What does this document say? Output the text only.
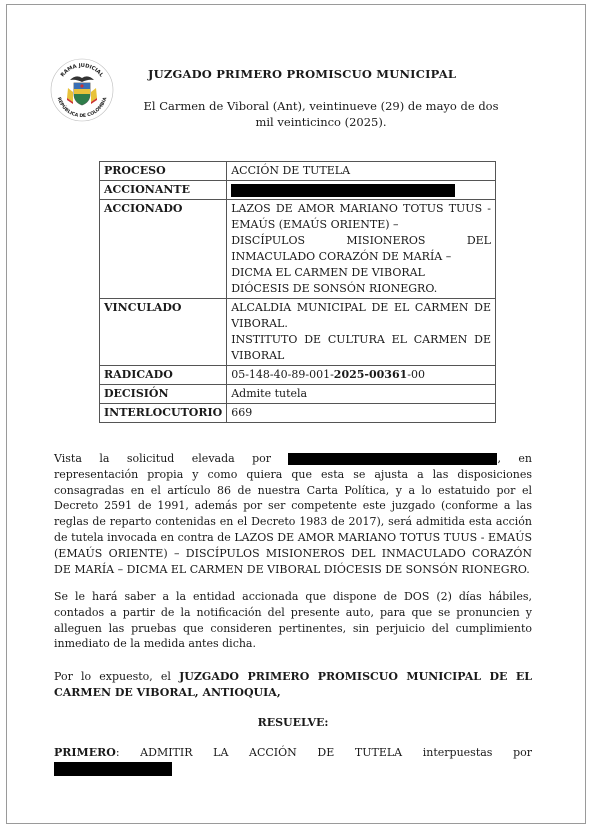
RAMA JUDICIAL
REPÚBLICA DE COLOMBIA
JUZGADO PRIMERO PROMISCUO MUNICIPAL
El Carmen de Viboral (Ant), veintinueve (29) de mayo de dos mil veinticinco (2025).
PROCESO	ACCIÓN DE TUTELA
ACCIONANTE	
ACCIONADO	LAZOS DE AMOR MARIANO TOTUS TUUS - EMAÚS (EMAÚS ORIENTE) –
DISCÍPULOS MISIONEROS DEL INMACULADO CORAZÓN DE MARÍA –
DICMA EL CARMEN DE VIBORAL
DIÓCESIS DE SONSÓN RIONEGRO.

VINCULADO	ALCALDIA MUNICIPAL DE EL CARMEN DE VIBORAL.
INSTITUTO DE CULTURA EL CARMEN DE VIBORAL

RADICADO	05-148-40-89-001-2025-00361-00
DECISIÓN	Admite tutela
INTERLOCUTORIO	669
Vista la solicitud elevada por	, en representación propia y como quiera que esta se ajusta a las disposiciones consagradas en el artículo 86 de nuestra Carta Política, y a lo estatuido por el Decreto 2591 de 1991, además por ser competente este juzgado (conforme a las reglas de reparto contenidas en el Decreto 1983 de 2017), será admitida esta acción de tutela invocada en contra de LAZOS DE AMOR MARIANO TOTUS TUUS - EMAÚS (EMAÚS ORIENTE) – DISCÍPULOS MISIONEROS DEL INMACULADO CORAZÓN DE MARÍA – DICMA EL CARMEN DE VIBORAL DIÓCESIS DE SONSÓN RIONEGRO.
Se le hará saber a la entidad accionada que dispone de DOS (2) días hábiles, contados a partir de la notificación del presente auto, para que se pronuncien y alleguen las pruebas que consideren pertinentes, sin perjuicio del cumplimiento inmediato de la medida antes dicha.
Por lo expuesto, el JUZGADO PRIMERO PROMISCUO MUNICIPAL DE EL CARMEN DE VIBORAL, ANTIOQUIA,
RESUELVE:
PRIMERO: ADMITIR LA ACCIÓN DE TUTELA interpuestas por
